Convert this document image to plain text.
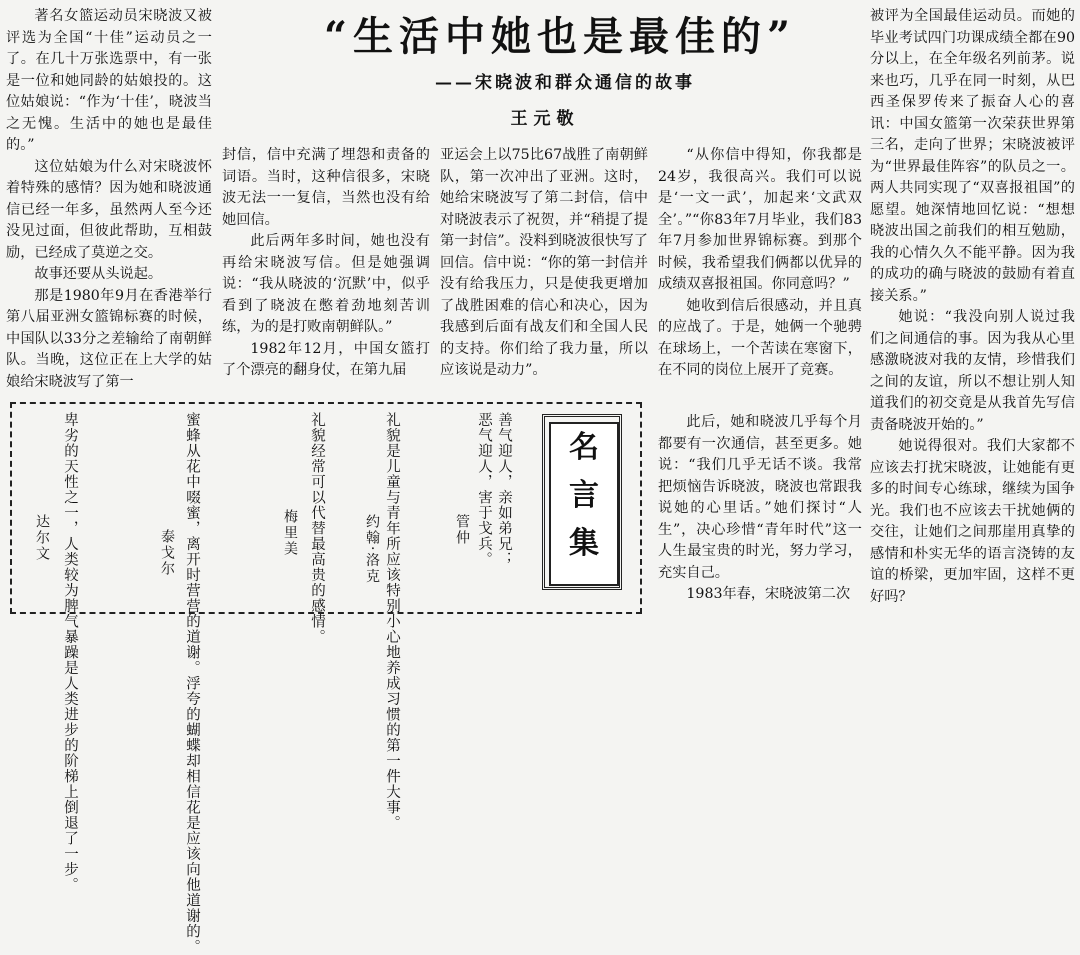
“生活中她也是最佳的”
——宋晓波和群众通信的故事
王元敬

著名女篮运动员宋晓波又被评选为全国“十佳”运动员之一了。在几十万张选票中，有一张是一位和她同龄的姑娘投的。这位姑娘说：“作为‘十佳’，晓波当之无愧。生活中的她也是最佳的。”

这位姑娘为什么对宋晓波怀着特殊的感情？因为她和晓波通信已经一年多，虽然两人至今还没见过面，但彼此帮助，互相鼓励，已经成了莫逆之交。

故事还要从头说起。

那是1980年9月在香港举行第八届亚洲女篮锦标赛的时候，中国队以33分之差输给了南朝鲜队。当晚，这位正在上大学的姑娘给宋晓波写了第一

封信，信中充满了埋怨和责备的词语。当时，这种信很多，宋晓波无法一一复信，当然也没有给她回信。

此后两年多时间，她也没有再给宋晓波写信。但是她强调说：“我从晓波的‘沉默’中，似乎看到了晓波在憋着劲地刻苦训练，为的是打败南朝鲜队。”

1982年12月，中国女篮打了个漂亮的翻身仗，在第九届

亚运会上以75比67战胜了南朝鲜队，第一次冲出了亚洲。这时，她给宋晓波写了第二封信，信中对晓波表示了祝贺，并“稍提了提第一封信”。没料到晓波很快写了回信。信中说：“你的第一封信并没有给我压力，只是使我更增加了战胜困难的信心和决心，因为我感到后面有战友们和全国人民的支持。你们给了我力量，所以应该说是动力”。

“从你信中得知，你我都是24岁，我很高兴。我们可以说是‘一文一武’，加起来‘文武双全’。”“你83年7月毕业，我们83年7月参加世界锦标赛。到那个时候，我希望我们俩都以优异的成绩双喜报祖国。你同意吗？”

她收到信后很感动，并且真的应战了。于是，她俩一个驰骋在球场上，一个苦读在寒窗下，在不同的岗位上展开了竞赛。

此后，她和晓波几乎每个月都要有一次通信，甚至更多。她说：“我们几乎无话不谈。我常把烦恼告诉晓波，晓波也常跟我说她的心里话。”她们探讨“人生”，决心珍惜“青年时代”这一人生最宝贵的时光，努力学习，充实自己。

1983年春，宋晓波第二次

被评为全国最佳运动员。而她的毕业考试四门功课成绩全都在90分以上，在全年级名列前茅。说来也巧，几乎在同一时刻，从巴西圣保罗传来了振奋人心的喜讯：中国女篮第一次荣获世界第三名，走向了世界；宋晓波被评为“世界最佳阵容”的队员之一。两人共同实现了“双喜报祖国”的愿望。她深情地回忆说：“想想晓波出国之前我们的相互勉励，我的心情久久不能平静。因为我的成功的确与晓波的鼓励有着直接关系。”

她说：“我没向别人说过我们之间通信的事。因为我从心里感激晓波对我的友情，珍惜我们之间的友谊，所以不想让别人知道我们的初交竟是从我首先写信责备晓波开始的。”

她说得很对。我们大家都不应该去打扰宋晓波，让她能有更多的时间专心练球，继续为国争光。我们也不应该去干扰她俩的交往，让她们之间那崖用真挚的感情和朴实无华的语言浇铸的友谊的桥梁，更加牢固，这样不更好吗？

名
言
集
善气迎人，亲如弟兄；
恶气迎人，害于戈兵。
管仲
礼貌是儿童与青年所应该特别小心地养成习惯的第一件大事。
约翰·洛克
礼貌经常可以代替最高贵的感情。
梅里美
蜜蜂从花中啜蜜，离开时营营的道谢。浮夸的蝴蝶却相信花是应该向他道谢的。
泰戈尔
卑劣的天性之一，人类较为脾气暴躁是人类进步的阶梯上倒退了一步。
达尔文
